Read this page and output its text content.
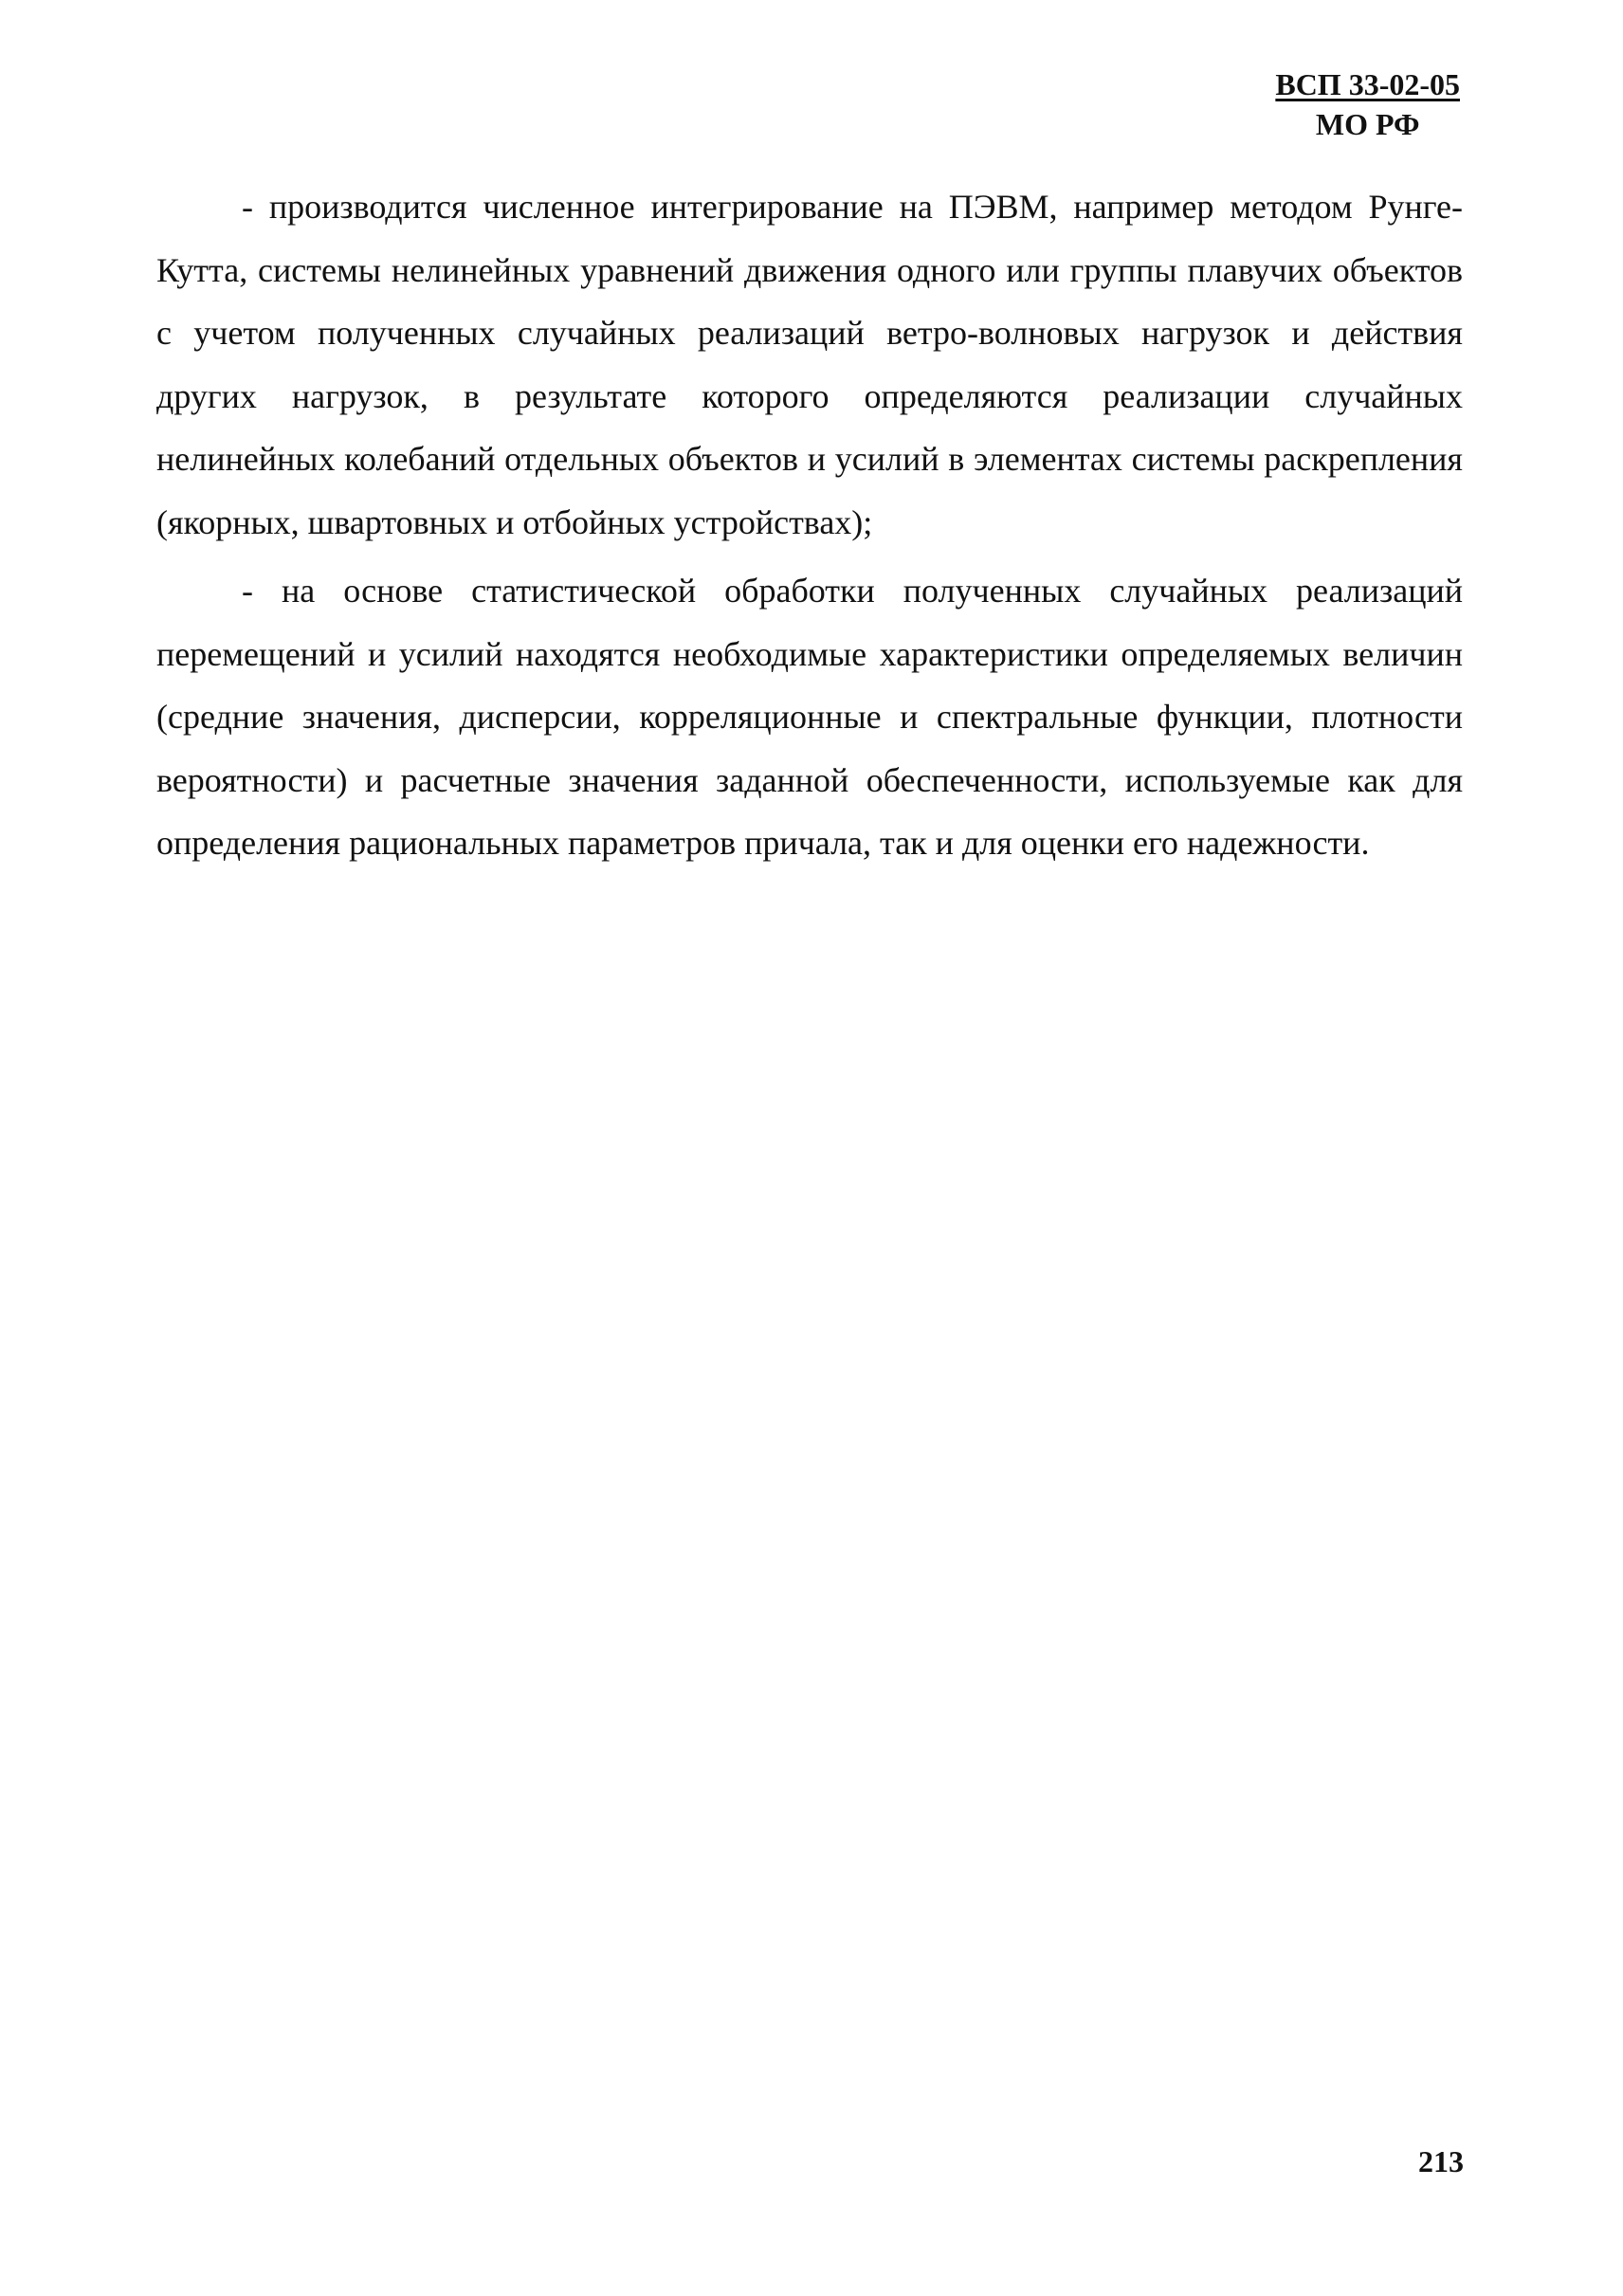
ВСП 33-02-05
МО РФ

- производится численное интегрирование на ПЭВМ, например методом Рунге-Кутта, системы нелинейных уравнений движения одного или группы плавучих объектов с учетом полученных случайных реализаций ветро-волновых нагрузок и действия других нагрузок, в результате которого определяются реализации случайных нелинейных колебаний отдельных объектов и усилий в элементах системы раскрепления (якорных, швартовных и отбойных устройствах);

- на основе статистической обработки полученных случайных реализаций перемещений и усилий находятся необходимые характеристики определяемых величин (средние значения, дисперсии, корреляционные и спектральные функции, плотности вероятности) и расчетные значения заданной обеспеченности, используемые как для определения рациональных параметров причала, так и для оценки его надежности.

213
